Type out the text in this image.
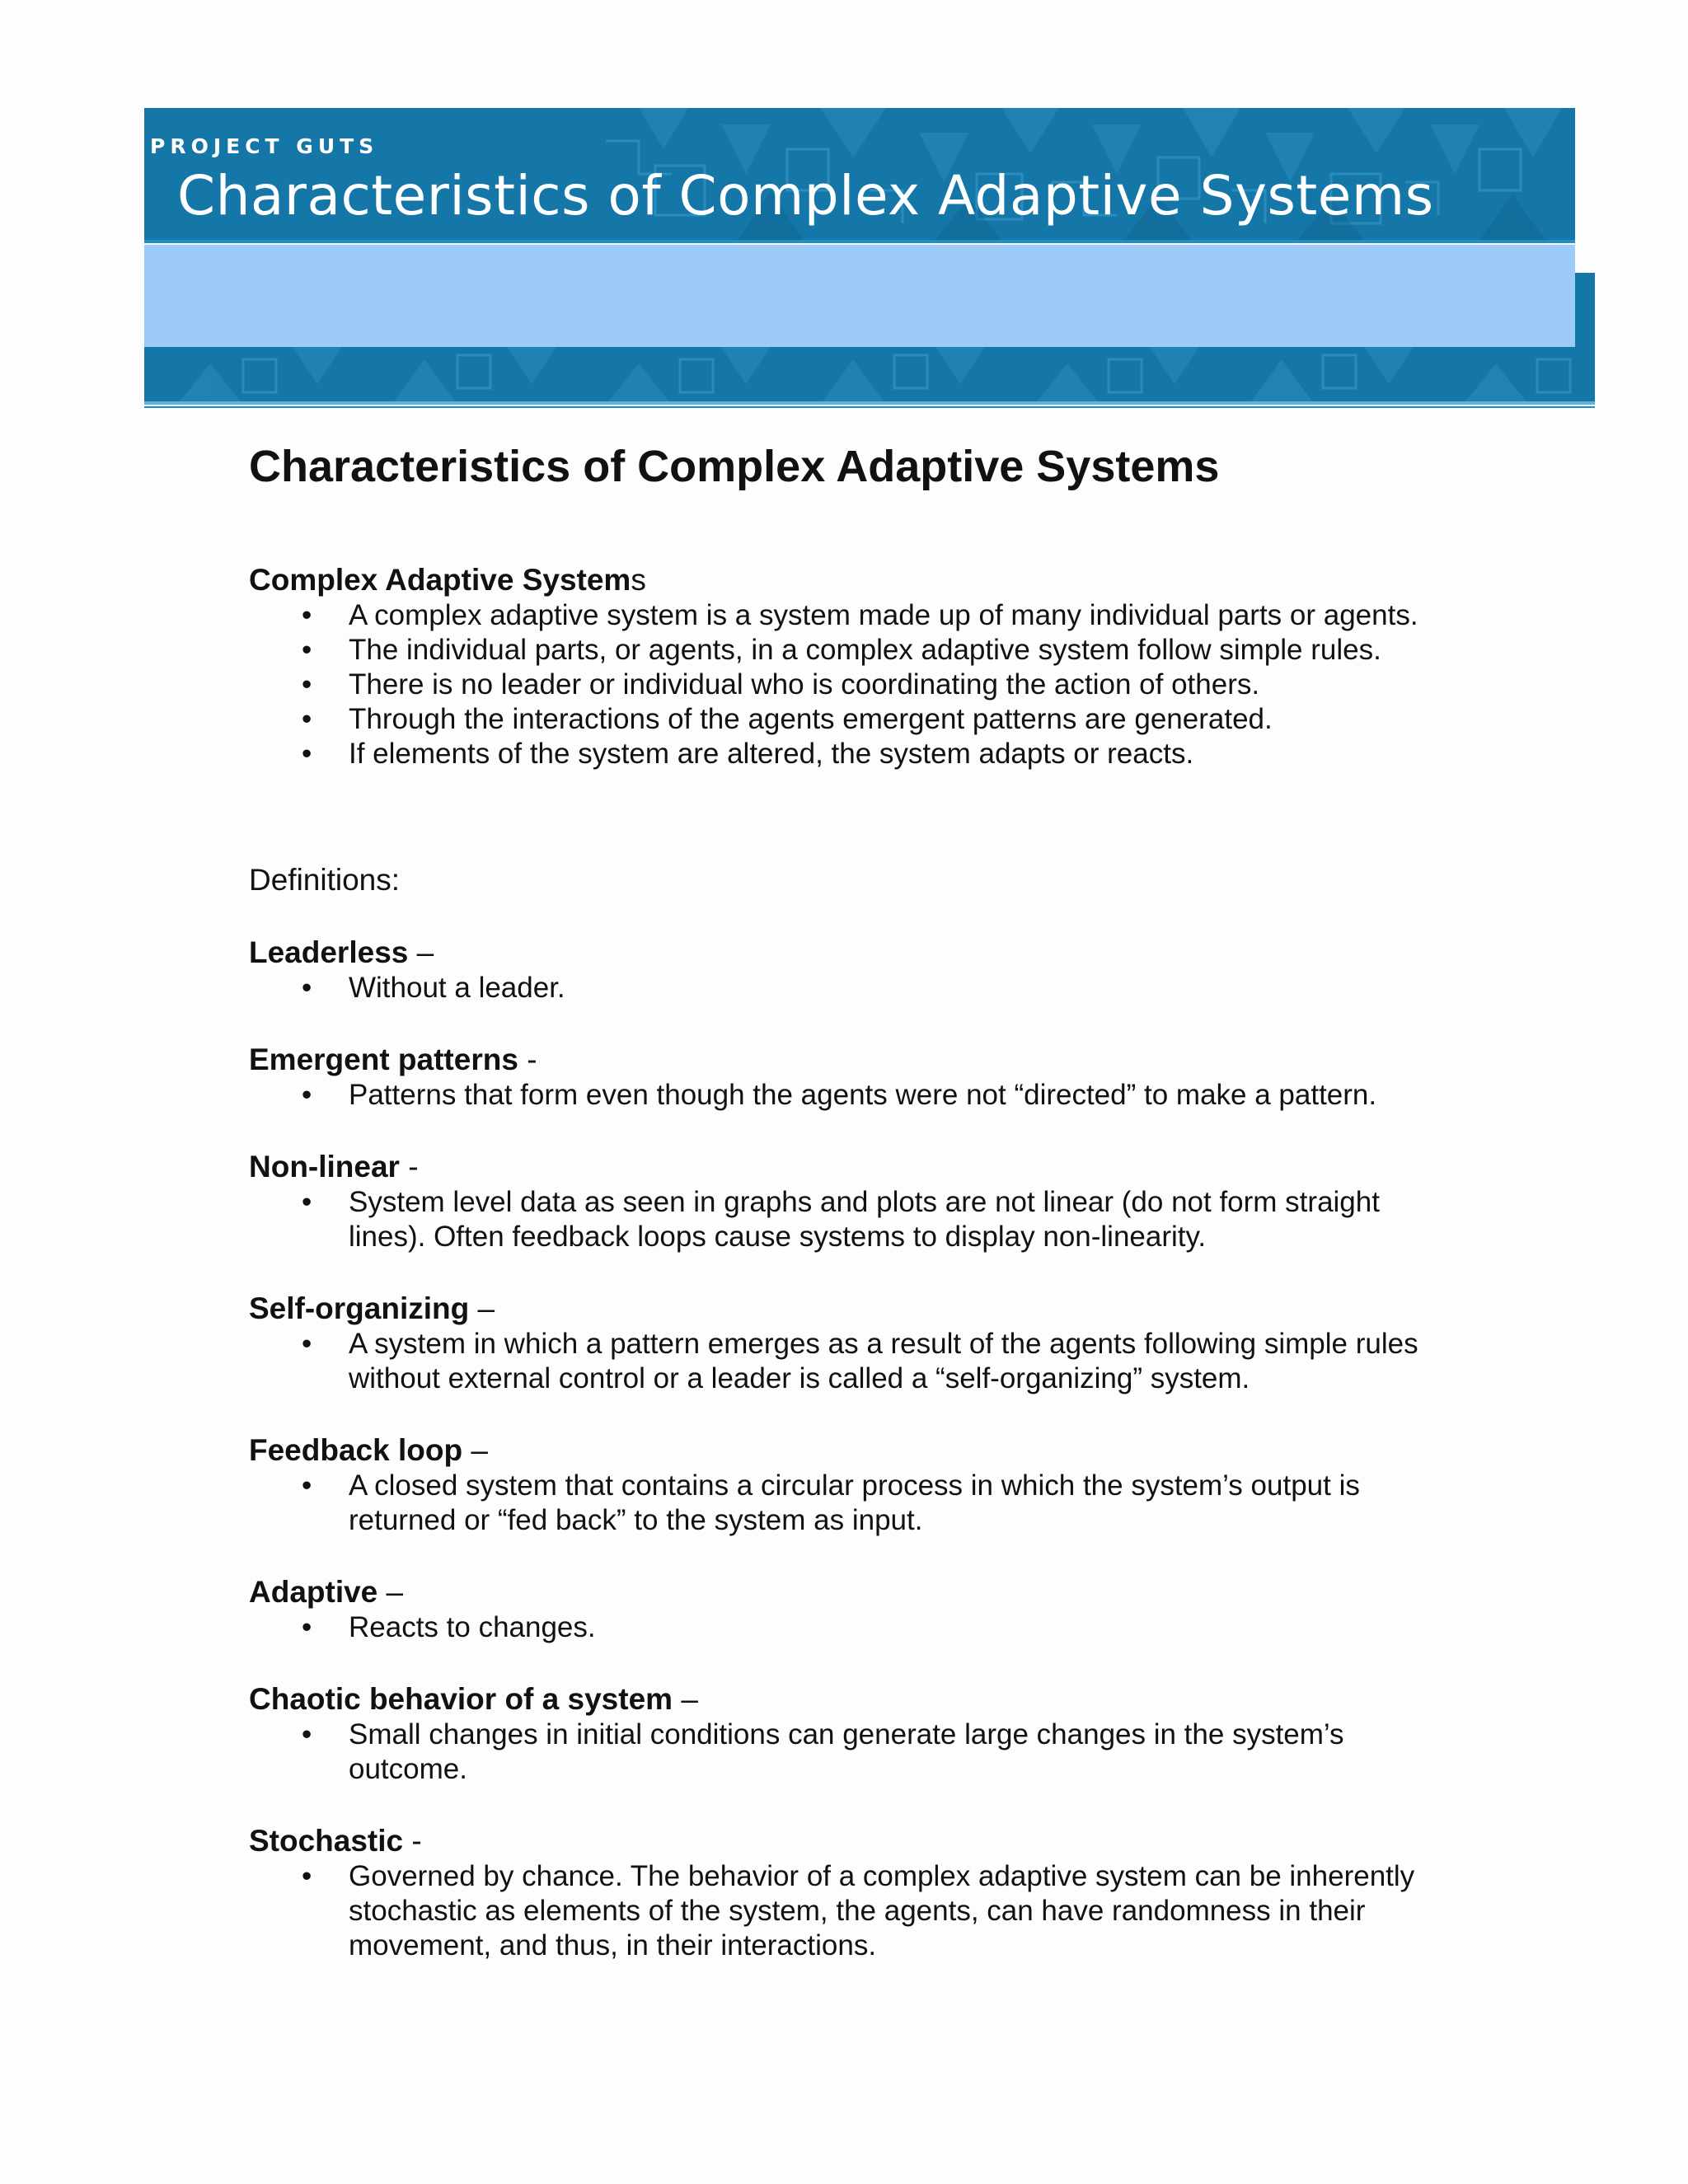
PROJECT GUTS
Characteristics of Complex Adaptive Systems
Characteristics of Complex Adaptive Systems
Complex Adaptive Systems
• A complex adaptive system is a system made up of many individual parts or agents.
• The individual parts, or agents, in a complex adaptive system follow simple rules.
• There is no leader or individual who is coordinating the action of others.
• Through the interactions of the agents emergent patterns are generated.
• If elements of the system are altered, the system adapts or reacts.
Definitions:
Leaderless –
• Without a leader.
Emergent patterns -
• Patterns that form even though the agents were not “directed” to make a pattern.
Non-linear -
• System level data as seen in graphs and plots are not linear (do not form straight
lines). Often feedback loops cause systems to display non-linearity.
Self-organizing –
• A system in which a pattern emerges as a result of the agents following simple rules
without external control or a leader is called a “self-organizing” system.
Feedback loop –
• A closed system that contains a circular process in which the system’s output is
returned or “fed back” to the system as input.
Adaptive –
• Reacts to changes.
Chaotic behavior of a system –
• Small changes in initial conditions can generate large changes in the system’s
outcome.
Stochastic -
• Governed by chance. The behavior of a complex adaptive system can be inherently
stochastic as elements of the system, the agents, can have randomness in their
movement, and thus, in their interactions.
